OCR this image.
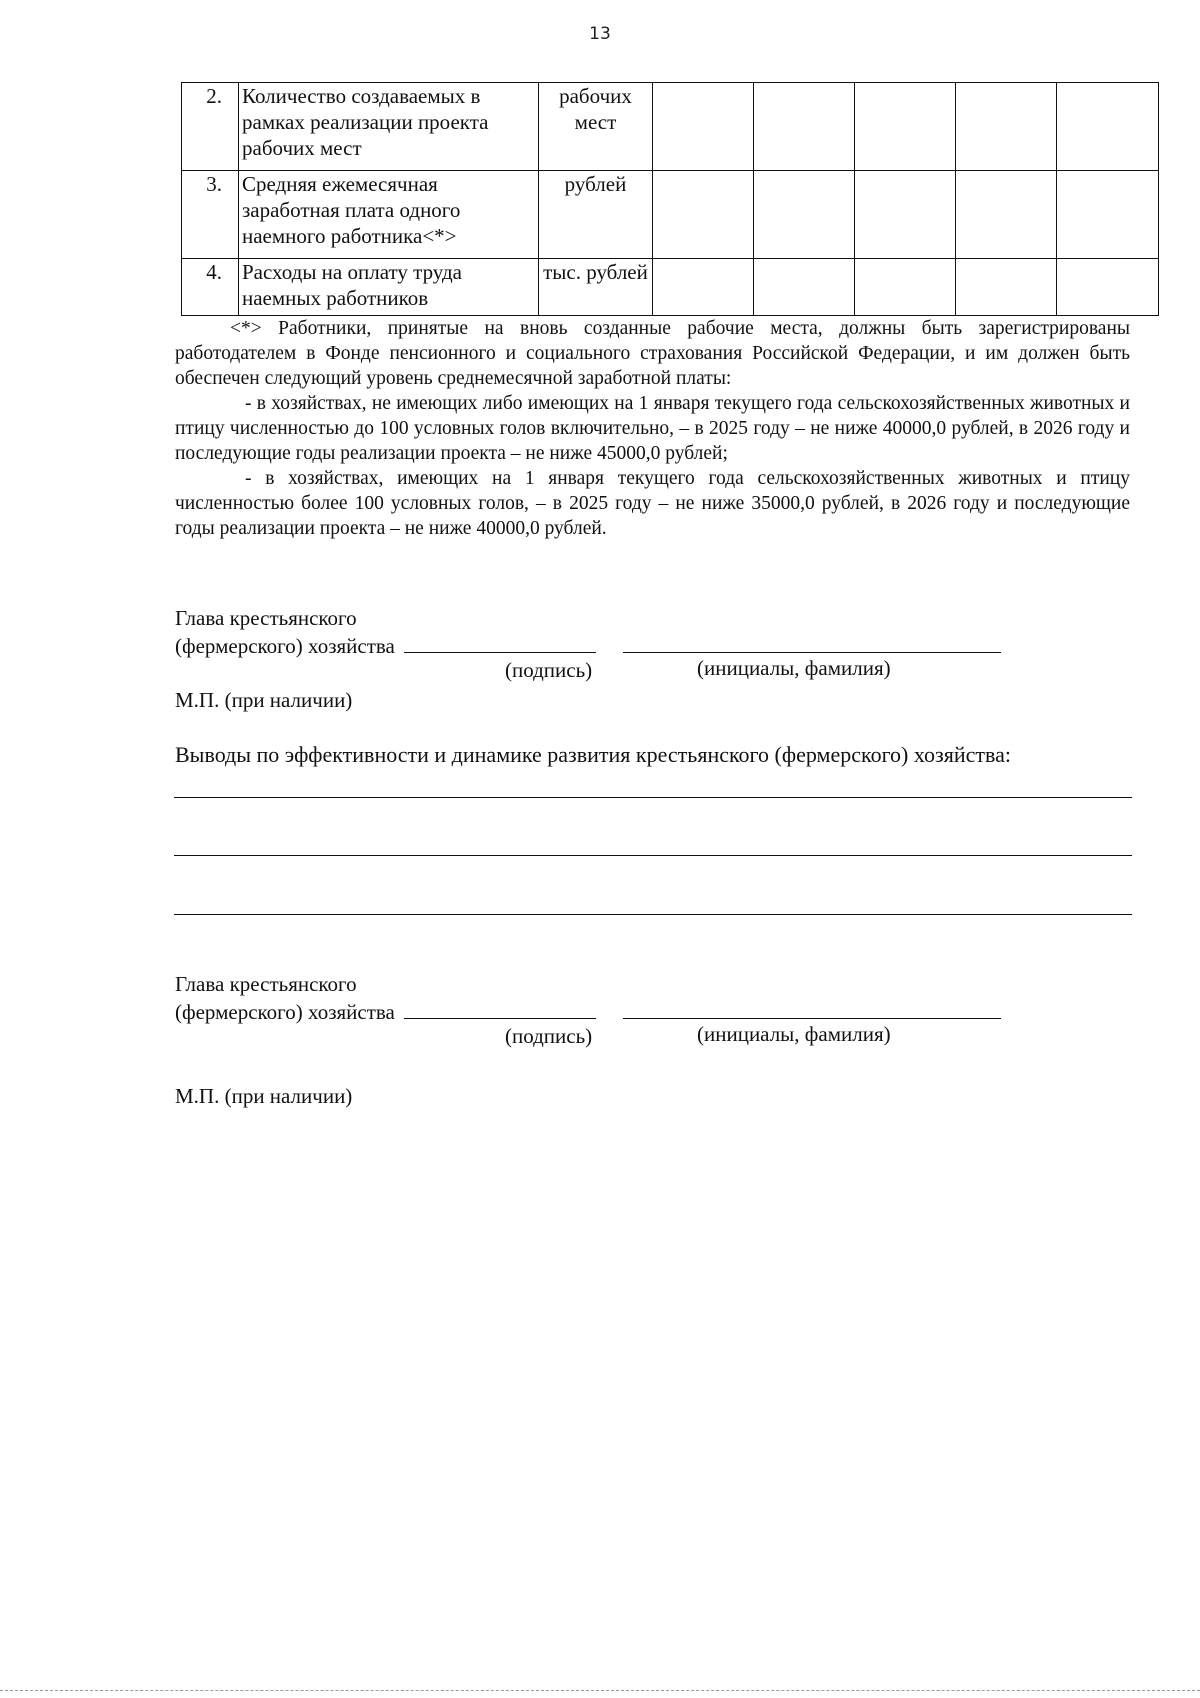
13
2.	Количество создаваемых в рамках реализации проекта рабочих мест	рабочих мест					
3.	Средняя ежемесячная заработная плата одного наемного работника<*>	рублей					
4.	Расходы на оплату труда наемных работников	тыс. рублей					

<*> Работники, принятые на вновь созданные рабочие места, должны быть зарегистрированы работодателем в Фонде пенсионного и социального страхования Российской Федерации, и им должен быть обеспечен следующий уровень среднемесячной заработной платы:

- в хозяйствах, не имеющих либо имеющих на 1 января текущего года сельскохозяйственных животных и птицу численностью до 100 условных голов включительно, – в 2025 году – не ниже 40000,0 рублей, в 2026 году и последующие годы реализации проекта – не ниже 45000,0 рублей;

- в хозяйствах, имеющих на 1 января текущего года сельскохозяйственных животных и птицу численностью более 100 условных голов, – в 2025 году – не ниже 35000,0 рублей, в 2026 году и последующие годы реализации проекта – не ниже 40000,0 рублей.

Глава крестьянского
(фермерского) хозяйства
(подпись)	(инициалы, фамилия)
М.П. (при наличии)
Выводы по эффективности и динамике развития крестьянского (фермерского) хозяйства:
Глава крестьянского
(фермерского) хозяйства
(подпись)	(инициалы, фамилия)
М.П. (при наличии)
